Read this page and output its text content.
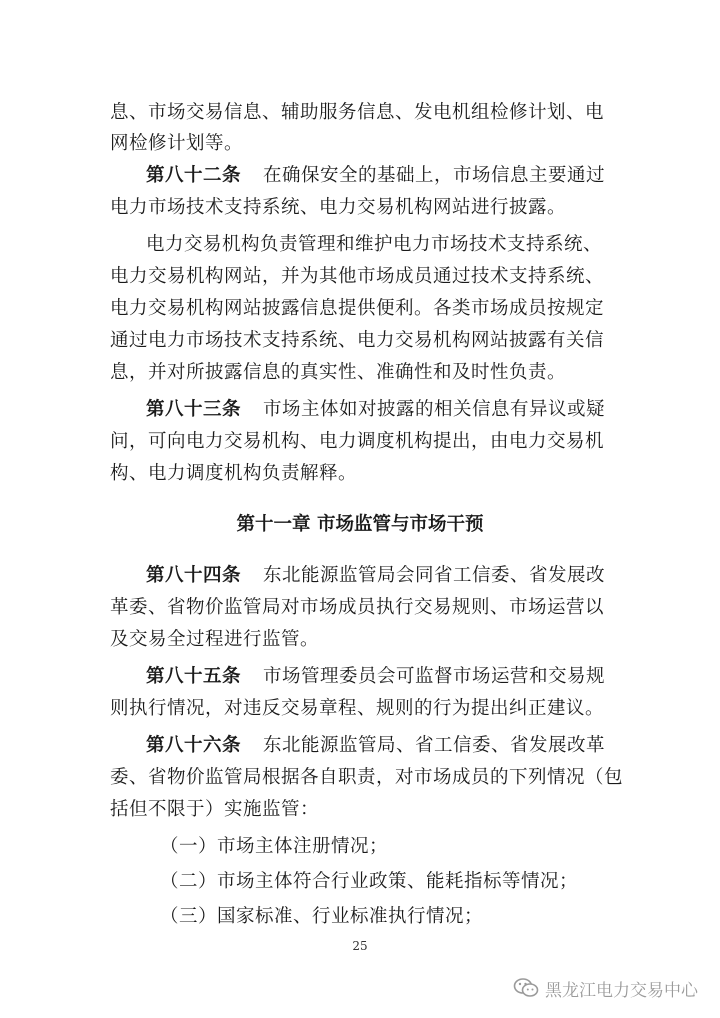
息、市场交易信息、辅助服务信息、发电机组检修计划、电
网检修计划等。
第八十二条 在确保安全的基础上，市场信息主要通过
电力市场技术支持系统、电力交易机构网站进行披露。
电力交易机构负责管理和维护电力市场技术支持系统、
电力交易机构网站，并为其他市场成员通过技术支持系统、
电力交易机构网站披露信息提供便利。各类市场成员按规定
通过电力市场技术支持系统、电力交易机构网站披露有关信
息，并对所披露信息的真实性、准确性和及时性负责。
第八十三条 市场主体如对披露的相关信息有异议或疑
问，可向电力交易机构、电力调度机构提出，由电力交易机
构、电力调度机构负责解释。
第十一章 市场监管与市场干预
第八十四条 东北能源监管局会同省工信委、省发展改
革委、省物价监管局对市场成员执行交易规则、市场运营以
及交易全过程进行监管。
第八十五条 市场管理委员会可监督市场运营和交易规
则执行情况，对违反交易章程、规则的行为提出纠正建议。
第八十六条 东北能源监管局、省工信委、省发展改革
委、省物价监管局根据各自职责，对市场成员的下列情况（包
括但不限于）实施监管：
（一）市场主体注册情况；
（二）市场主体符合行业政策、能耗指标等情况；
（三）国家标准、行业标准执行情况；
25
黑龙江电力交易中心
